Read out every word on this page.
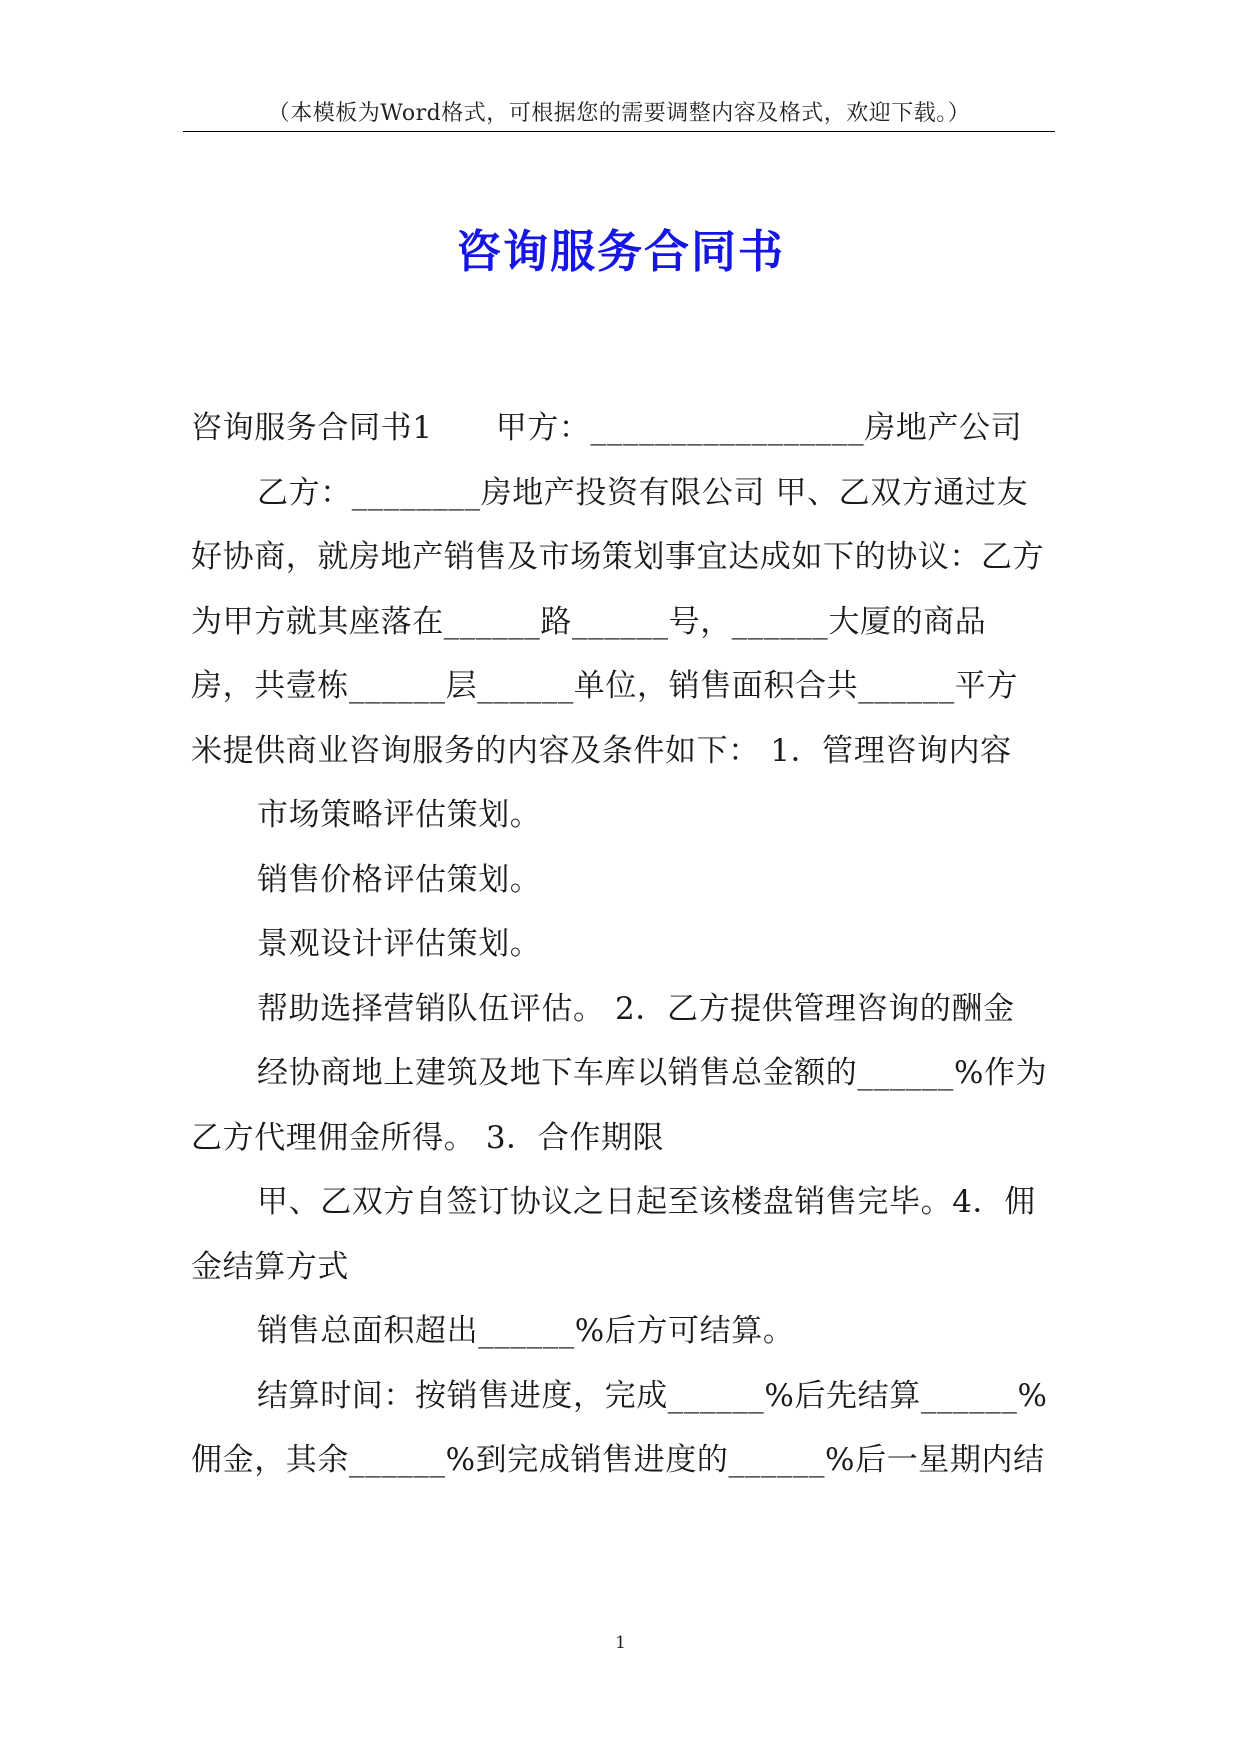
（本模板为Word格式，可根据您的需要调整内容及格式，欢迎下载。）
咨询服务合同书

咨询服务合同书1　　甲方：_________________房地产公司

乙方：________房地产投资有限公司 甲、乙双方通过友好协商，就房地产销售及市场策划事宜达成如下的协议：乙方为甲方就其座落在______路______号，______大厦的商品房，共壹栋______层______单位，销售面积合共______平方米提供商业咨询服务的内容及条件如下： 1．管理咨询内容

市场策略评估策划。

销售价格评估策划。

景观设计评估策划。

帮助选择营销队伍评估。 2．乙方提供管理咨询的酬金

经协商地上建筑及地下车库以销售总金额的______%作为乙方代理佣金所得。 3．合作期限

甲、乙双方自签订协议之日起至该楼盘销售完毕。4．佣金结算方式

销售总面积超出______%后方可结算。

结算时间：按销售进度，完成______%后先结算______%佣金，其余______%到完成销售进度的______%后一星期内结

1
